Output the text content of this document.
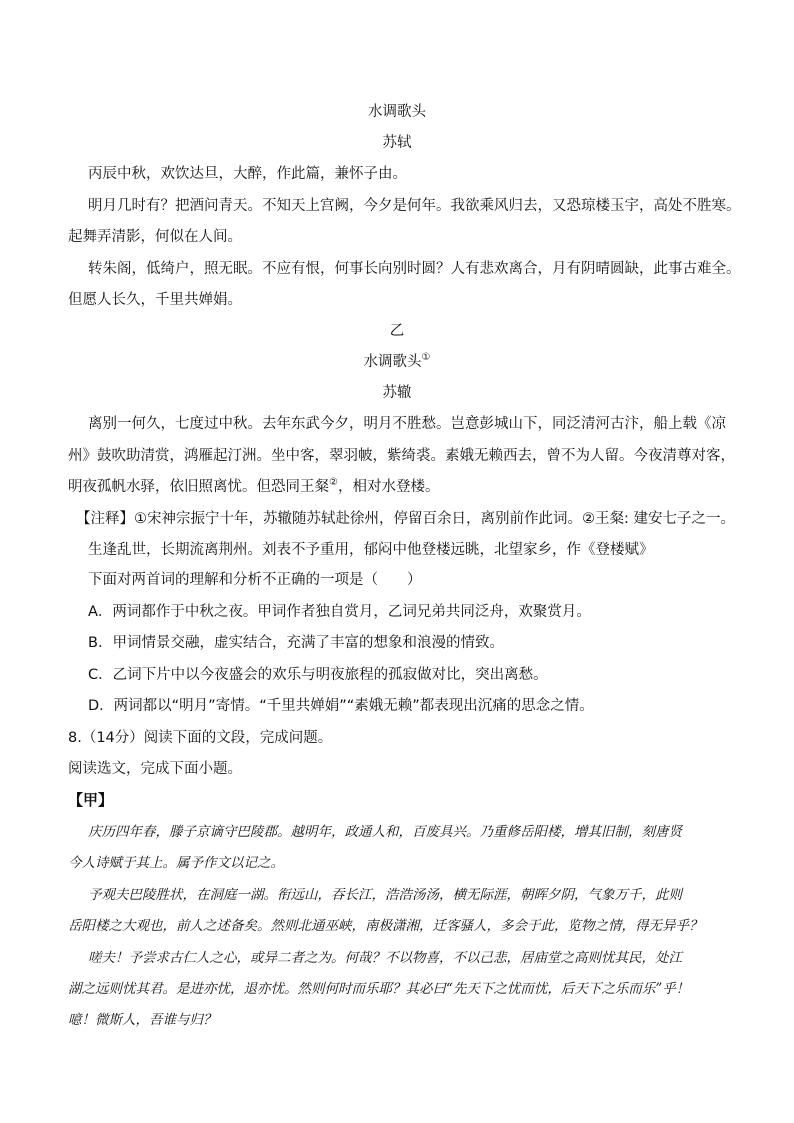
水调歌头
苏轼
丙辰中秋，欢饮达旦，大醉，作此篇，兼怀子由。
明月几时有？把酒问青天。不知天上宫阙，今夕是何年。我欲乘风归去，又恐琼楼玉宇，高处不胜寒。
起舞弄清影，何似在人间。
转朱阁，低绮户，照无眠。不应有恨，何事长向别时圆？人有悲欢离合，月有阴晴圆缺，此事古难全。
但愿人长久，千里共婵娟。
乙
水调歌头①
苏辙
离别一何久，七度过中秋。去年东武今夕，明月不胜愁。岂意彭城山下，同泛清河古汴，船上载《凉
州》鼓吹助清赏，鸿雁起汀洲。坐中客，翠羽帔，紫绮裘。素娥无赖西去，曾不为人留。今夜清尊对客，
明夜孤帆水驿，依旧照离忧。但恐同王粲②，相对水登楼。
【注释】①宋神宗振宁十年，苏辙随苏轼赴徐州，停留百余日，离别前作此词。②王粲: 建安七子之一。
生逢乱世，长期流离荆州。刘表不予重用，郁闷中他登楼远眺，北望家乡，作《登楼赋》
下面对两首词的理解和分析不正确的一项是（　　）
A．两词都作于中秋之夜。甲词作者独自赏月，乙词兄弟共同泛舟，欢聚赏月。
B．甲词情景交融，虚实结合，充满了丰富的想象和浪漫的情致。
C．乙词下片中以今夜盛会的欢乐与明夜旅程的孤寂做对比，突出离愁。
D．两词都以“明月”寄情。“千里共婵娟”“素娥无赖”都表现出沉痛的思念之情。
8.（14分）阅读下面的文段，完成问题。
阅读选文，完成下面小题。
【甲】
庆历四年春，滕子京谪守巴陵郡。越明年，政通人和，百废具兴。乃重修岳阳楼，增其旧制，刻唐贤
今人诗赋于其上。属予作文以记之。
予观夫巴陵胜状，在洞庭一湖。衔远山，吞长江，浩浩汤汤，横无际涯，朝晖夕阴，气象万千，此则
岳阳楼之大观也，前人之述备矣。然则北通巫峡，南极潇湘，迁客骚人，多会于此，览物之情，得无异乎？
嗟夫！予尝求古仁人之心，或异二者之为。何哉？不以物喜，不以己悲，居庙堂之高则忧其民，处江
湖之远则忧其君。是进亦忧，退亦忧。然则何时而乐耶？其必曰“先天下之忧而忧，后天下之乐而乐”乎！
噫！微斯人，吾谁与归？
